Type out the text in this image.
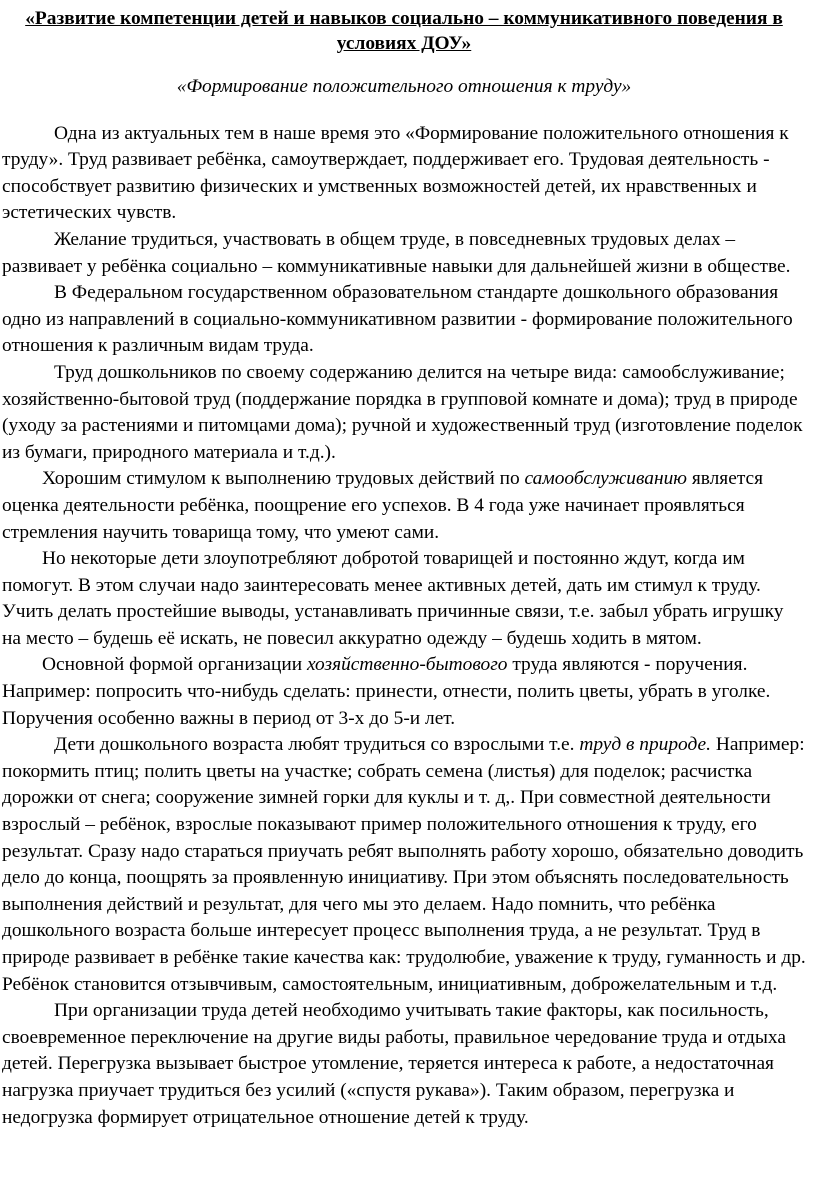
«Развитие компетенции детей и навыков социально – коммуникативного поведения в условиях ДОУ»
«Формирование положительного отношения к труду»

Одна из актуальных тем в наше время это «Формирование положительного отношения к труду». Труд развивает ребёнка, самоутверждает, поддерживает его. Трудовая деятельность - способствует развитию физических и умственных возможностей детей, их нравственных и эстетических чувств.

Желание трудиться, участвовать в общем труде, в повседневных трудовых делах – развивает у ребёнка социально – коммуникативные навыки для дальнейшей жизни в обществе.

В Федеральном государственном образовательном стандарте дошкольного образования одно из направлений в социально-коммуникативном развитии - формирование положительного отношения к различным видам труда.

Труд дошкольников по своему содержанию делится на четыре вида: самообслуживание; хозяйственно-бытовой труд (поддержание порядка в групповой комнате и дома); труд в природе (уходу за растениями и питомцами дома); ручной и художественный труд (изготовление поделок из бумаги, природного материала и т.д.).

Хорошим стимулом к выполнению трудовых действий по самообслуживанию является оценка деятельности ребёнка, поощрение его успехов. В 4 года уже начинает проявляться стремления научить товарища тому, что умеют сами.

Но некоторые дети злоупотребляют добротой товарищей и постоянно ждут, когда им помогут. В этом случаи надо заинтересовать менее активных детей, дать им стимул к труду. Учить делать простейшие выводы, устанавливать причинные связи, т.е. забыл убрать игрушку на место – будешь её искать, не повесил аккуратно одежду – будешь ходить в мятом.

Основной формой организации хозяйственно-бытового труда являются - поручения. Например: попросить что-нибудь сделать: принести, отнести, полить цветы, убрать в уголке. Поручения особенно важны в период от 3-х до 5-и лет.

Дети дошкольного возраста любят трудиться со взрослыми т.е. труд в природе. Например: покормить птиц; полить цветы на участке; собрать семена (листья) для поделок; расчистка дорожки от снега; сооружение зимней горки для куклы и т. д,. При совместной деятельности взрослый – ребёнок, взрослые показывают пример положительного отношения к труду, его результат. Сразу надо стараться приучать ребят выполнять работу хорошо, обязательно доводить дело до конца, поощрять за проявленную инициативу. При этом объяснять последовательность выполнения действий и результат, для чего мы это делаем. Надо помнить, что ребёнка дошкольного возраста больше интересует процесс выполнения труда, а не результат. Труд в природе развивает в ребёнке такие качества как: трудолюбие, уважение к труду, гуманность и др. Ребёнок становится отзывчивым, самостоятельным, инициативным, доброжелательным и т.д.

При организации труда детей необходимо учитывать такие факторы, как посильность, своевременное переключение на другие виды работы, правильное чередование труда и отдыха детей. Перегрузка вызывает быстрое утомление, теряется интереса к работе, а недостаточная нагрузка приучает трудиться без усилий («спустя рукава»). Таким образом, перегрузка и недогрузка формирует отрицательное отношение детей к труду.
